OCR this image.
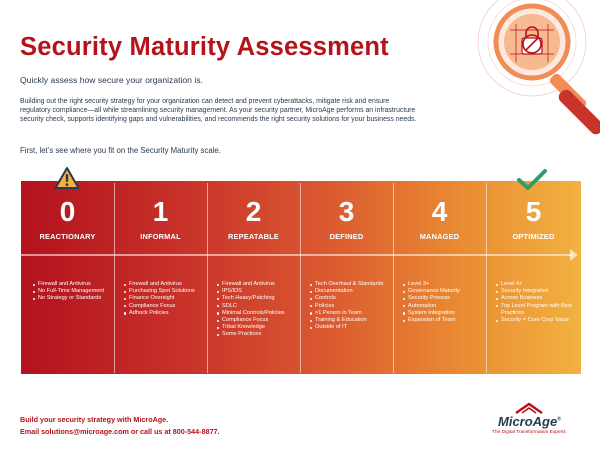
Security Maturity Assessment

Quickly assess how secure your organization is.

Building out the right security strategy for your organization can detect and prevent cyberattacks, mitigate risk and ensure regulatory compliance—all while streamlining security management. As your security partner, MicroAge performs an infrastructure security check, supports identifying gaps and vulnerabilities, and recommends the right security solutions for your business needs.

First, let’s see where you fit on the Security Maturity scale.

0
REACTIONARY
Firewall and Antivirus
No Full-Time Management
No Strategy or Standards
1
INFORMAL
Firewall and Antivirus
Purchasing Spot Solutions
Finance Oversight
Compliance Focus
Adhock Policies
2
REPEATABLE
Firewall and Antivirus
IPS/IDS
Tech Heavy/Patching
SDLC
Minimal Controls/Policies
Compliance Focus
Tribal Knowledge
Some Practices
3
DEFINED
Tech Overhaul & Standards
Documentation
Controls
Policies
>1 Person in Team
Training & Education
Outside of IT
4
MANAGED
Level 3+
Governance Maturity
Security Process
Automation
System Integration
Expansion of Team
5
OPTIMIZED
Level 4+
Security Integrated
Across Business
Top Level Program with Best Practices
Security = Core Corp Value

Build your security strategy with MicroAge.

Email solutions@microage.com or call us at 800-544-8877.

MicroAge®
The Digital Transformation Experts
